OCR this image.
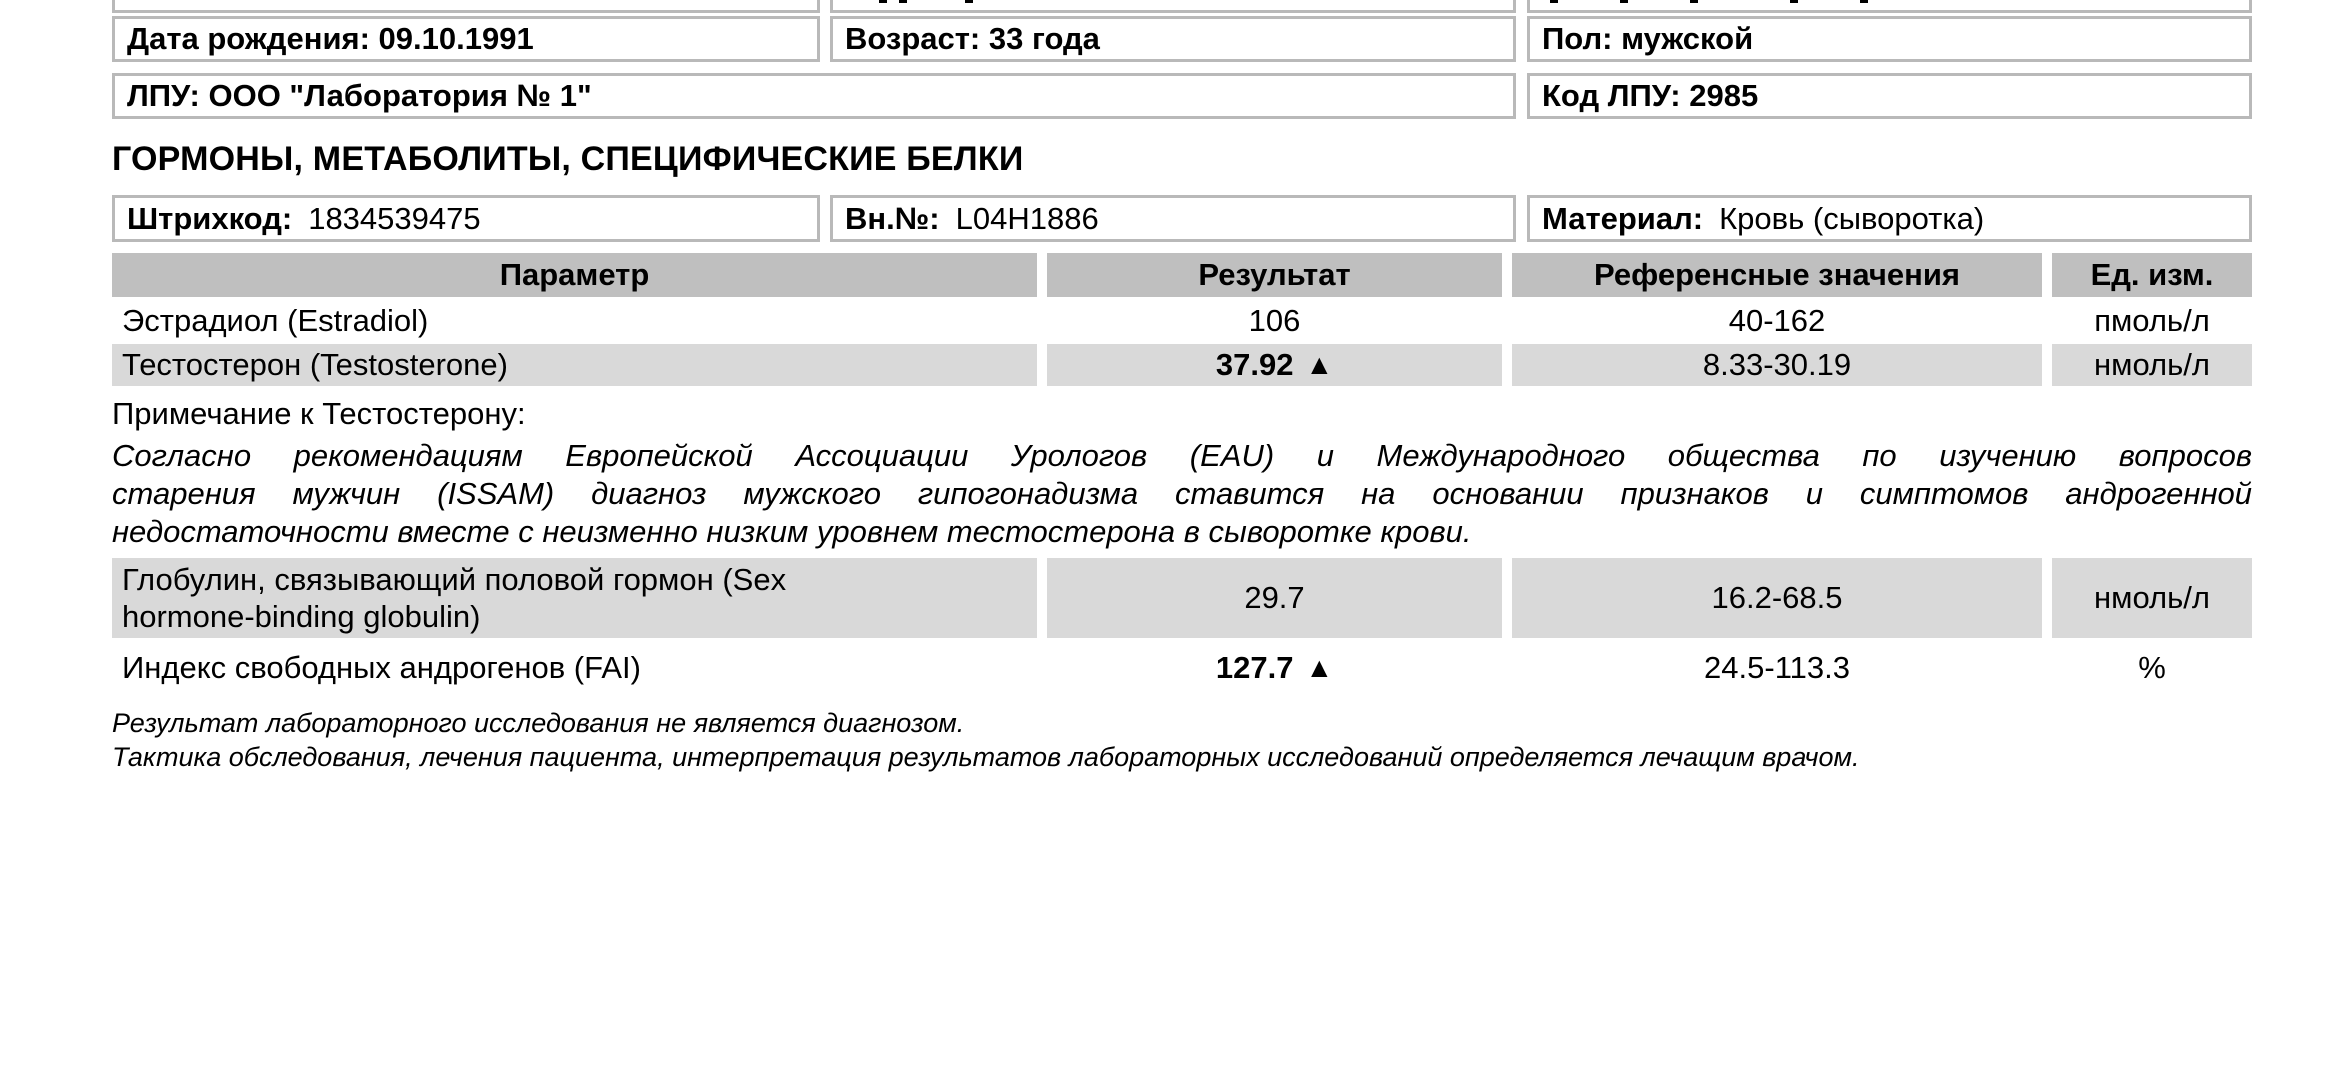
Дата рождения: 09.10.1991	Возраст: 33 года	Пол: мужской
ЛПУ: ООО "Лаборатория № 1"	Код ЛПУ: 2985
ГОРМОНЫ, МЕТАБОЛИТЫ, СПЕЦИФИЧЕСКИЕ БЕЛКИ
Штрихкод: 1834539475	Вн.№: L04H1886	Материал: Кровь (сыворотка)
Параметр	Результат	Референсные значения	Ед. изм.
Эстрадиол (Estradiol)	106	40-162	пмоль/л
Тестостерон (Testosterone)	37.92 ▲	8.33-30.19	нмоль/л
Примечание к Тестостерону:
Согласно рекомендациям Европейской Ассоциации Урологов (EAU) и Международного общества по изучению вопросов
старения мужчин (ISSAM) диагноз мужского гипогонадизма ставится на основании признаков и симптомов андрогенной
недостаточности вместе с неизменно низким уровнем тестостерона в сыворотке крови.
Глобулин, связывающий половой гормон (Sex
hormone-binding globulin)
29.7	16.2-68.5	нмоль/л
Индекс свободных андрогенов (FAI)	127.7 ▲	24.5-113.3	%
Результат лабораторного исследования не является диагнозом.
Тактика обследования, лечения пациента, интерпретация результатов лабораторных исследований определяется лечащим врачом.
